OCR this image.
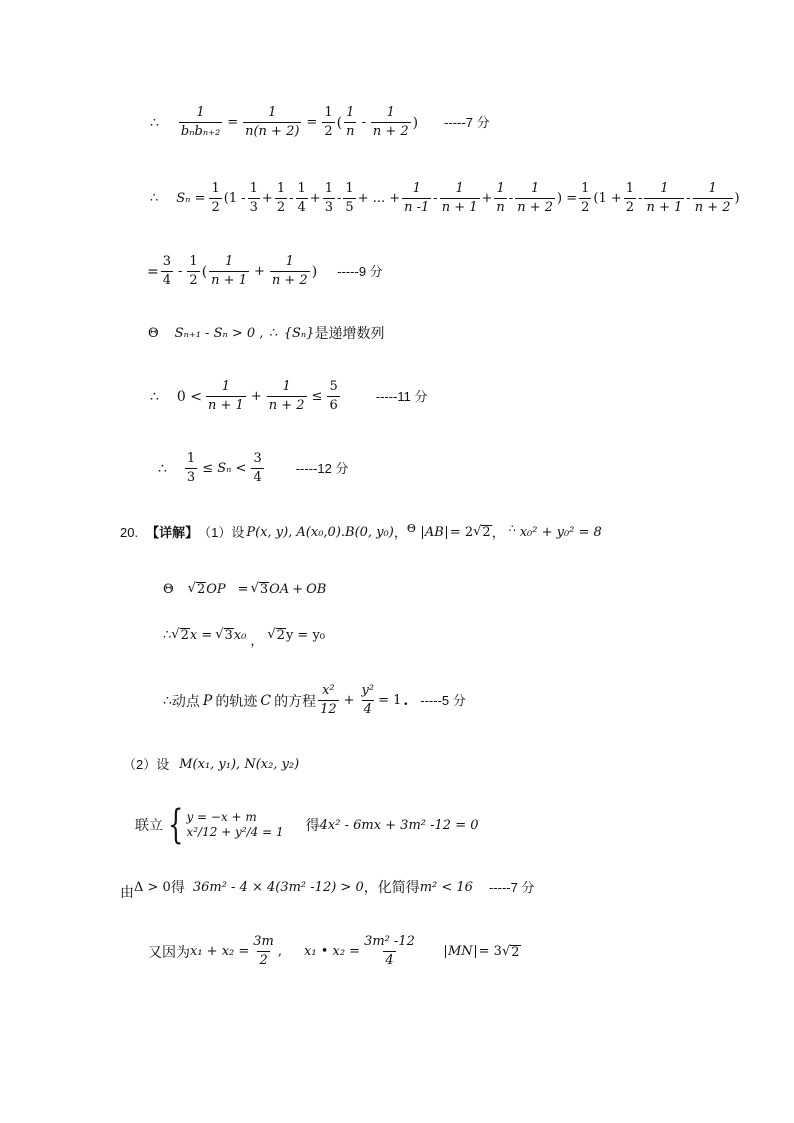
∴ $\frac{1}{\text{bₙbₙ₊₂}} = \frac{1}{n(n + 2)} = \frac{1}{2}$ ( $\frac{1}{n} - \frac{1}{n + 2}$ ) -----7 分
∴ $S_n = \frac{1}{2} (1 - \frac{1}{3} + \frac{1}{2} - \frac{1}{4} + \frac{1}{3} - \frac{1}{5}$ + ... + $\frac{1}{n -1} - \frac{1}{n + 1} + \frac{1}{n} - \frac{1}{n + 2}$ ) = $\frac{1}{2} (1 + \frac{1}{2} - \frac{1}{n + 1} - \frac{1}{n + 2}$ )
= $\frac{3}{4} - \frac{1}{2}$ ( $\frac{1}{n + 1} + \frac{1}{n + 2}$ ) -----9 分
Θ Sₙ₊₁ - Sₙ > 0 , ∴ {Sₙ} 是递增数列
∴ $0 < \frac{1}{n + 1} + \frac{1}{n + 2} \le \frac{5}{6}$	-----11 分
∴ $\frac{1}{3} \le S_n < \frac{3}{4} -----12$ 分
20. 【详解】 （1）设 P(x, y), A(x₀,0).B(0, y₀) ， Θ AB = 2 √ 2 ， ∴ x₀² + y₀² = 8
Θ √ 2 OP = √ 3 OA + OB
∴ √ 2 x = √ 3 x₀ ， √ 2 y = y₀
∴ 动点 P 的轨迹 C 的方程 $\frac{\text{x²}}{12} + \frac{\text{y²}}{4} = 1$ . -----5 分
（2）设 M(x₁, y₁), N(x₂, y₂)
联立 { y = −x + m
x²/12 + y²/4 = 1 得 4x² - 6mx + 3m² -12 = 0
由 Δ > 0 得 36m² - 4 × 4(3m² -12) > 0 ，化简得 m² < 16 -----7 分
又因为 $x_1 + x_2 = \frac{3m}{2}$ , x₁ • $x_2 = \frac{\text{3m² -12}}{4}$ MN = 3 √ 2
